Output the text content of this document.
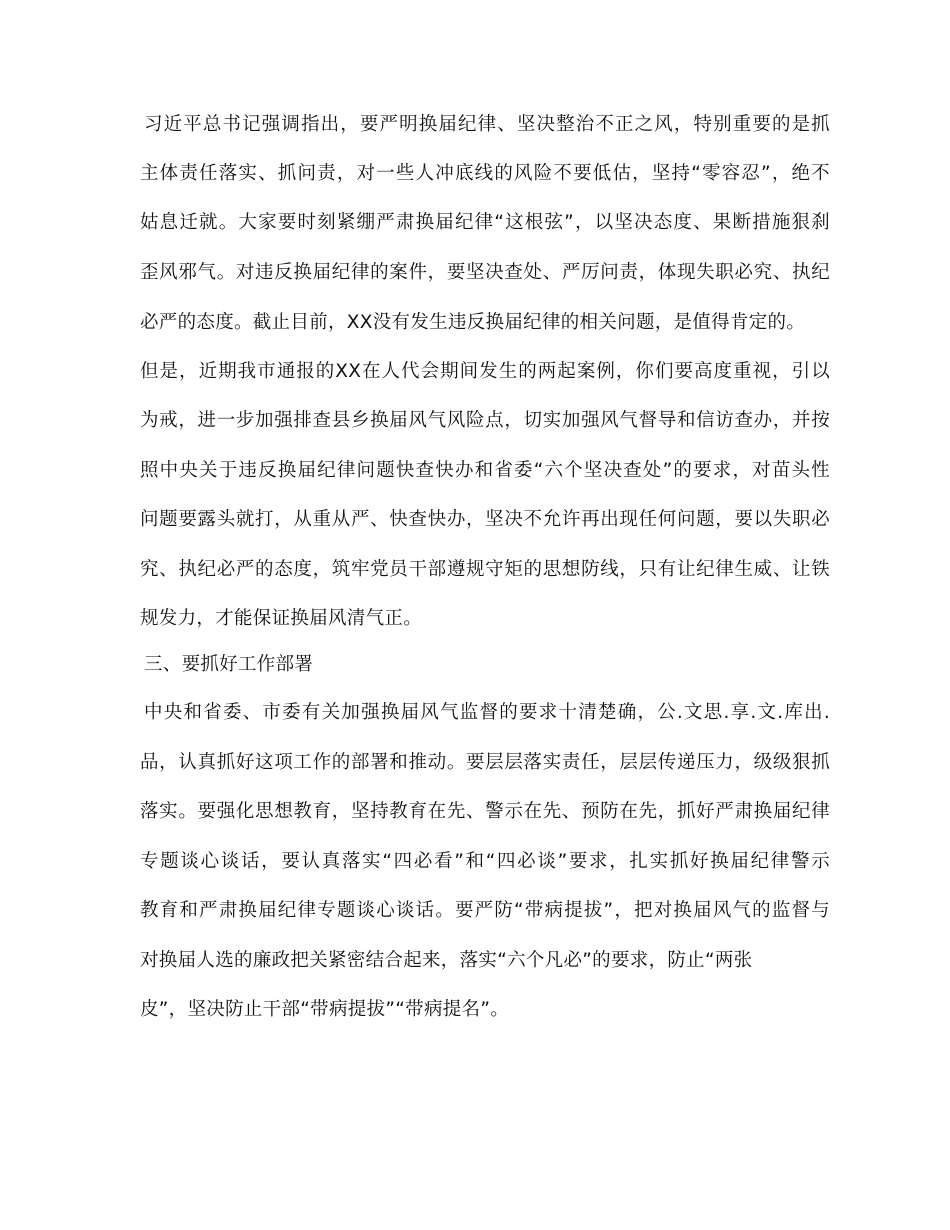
习近平总书记强调指出，要严明换届纪律、坚决整治不正之风，特别重要的是抓
主体责任落实、抓问责，对一些人冲底线的风险不要低估，坚持“零容忍”，绝不
姑息迁就。大家要时刻紧绷严肃换届纪律“这根弦”，以坚决态度、果断措施狠刹
歪风邪气。对违反换届纪律的案件，要坚决查处、严厉问责，体现失职必究、执纪
必严的态度。截止目前，XX没有发生违反换届纪律的相关问题，是值得肯定的。
但是，近期我市通报的XX在人代会期间发生的两起案例，你们要高度重视，引以
为戒，进一步加强排查县乡换届风气风险点，切实加强风气督导和信访查办，并按
照中央关于违反换届纪律问题快查快办和省委“六个坚决查处”的要求，对苗头性
问题要露头就打，从重从严、快查快办，坚决不允许再出现任何问题，要以失职必
究、执纪必严的态度，筑牢党员干部遵规守矩的思想防线，只有让纪律生威、让铁
规发力，才能保证换届风清气正。
三、要抓好工作部署
中央和省委、市委有关加强换届风气监督的要求十清楚确，公.文思.享.文.库出.
品，认真抓好这项工作的部署和推动。要层层落实责任，层层传递压力，级级狠抓
落实。要强化思想教育，坚持教育在先、警示在先、预防在先，抓好严肃换届纪律
专题谈心谈话，要认真落实“四必看”和“四必谈”要求，扎实抓好换届纪律警示
教育和严肃换届纪律专题谈心谈话。要严防“带病提拔”，把对换届风气的监督与
对换届人选的廉政把关紧密结合起来，落实“六个凡必”的要求，防止“两张
皮”，坚决防止干部“带病提拔”“带病提名”。
